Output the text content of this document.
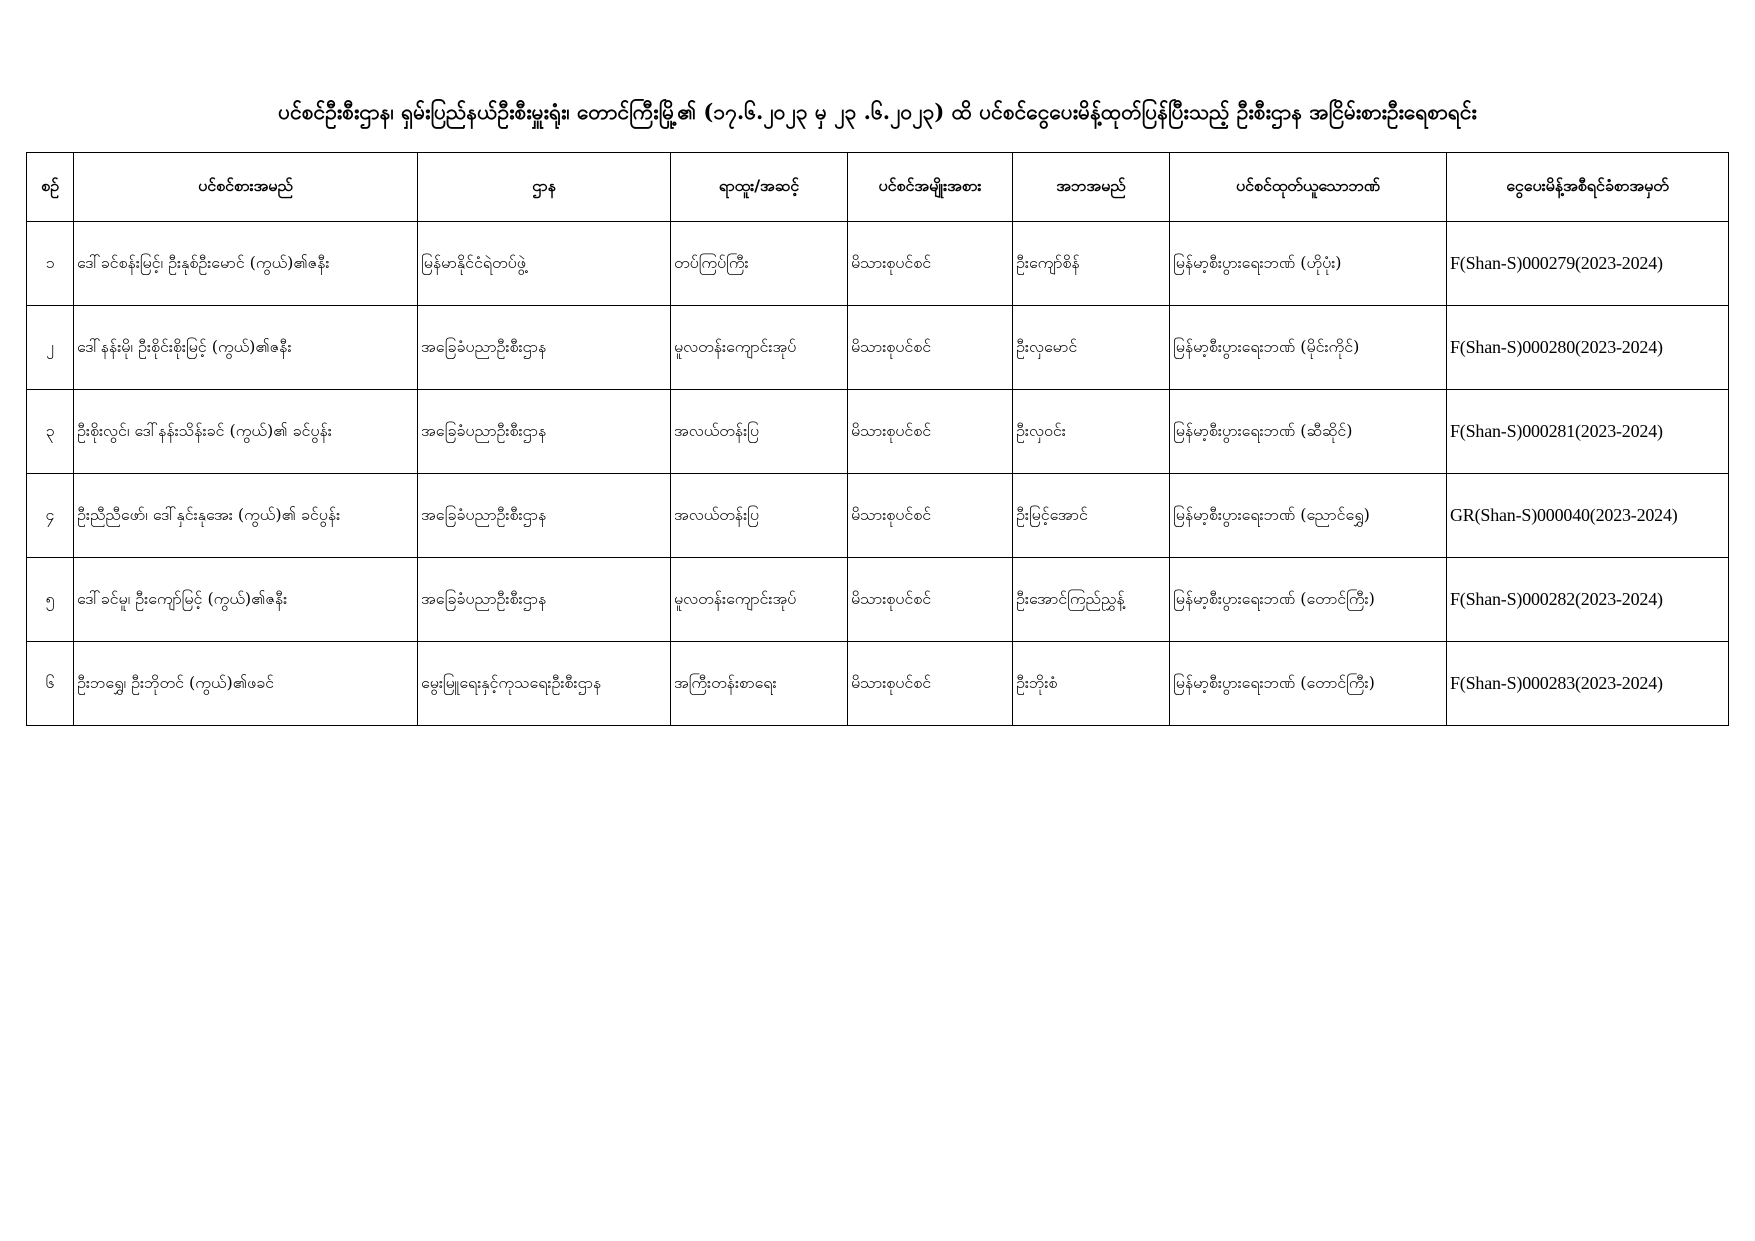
ပင်စင်ဦးစီးဌာန၊ ရှမ်းပြည်နယ်ဦးစီးမှူးရုံး၊ တောင်ကြီးမြို့၏ (၁၇.၆.၂၀၂၃ မှ ၂၃ .၆.၂၀၂၃) ထိ ပင်စင်ငွေပေးမိန့်ထုတ်ပြန်ပြီးသည့် ဦးစီးဌာန အငြိမ်းစားဦးရေစာရင်း
စဉ်	ပင်စင်စားအမည်	ဌာန	ရာထူး/အဆင့်	ပင်စင်အမျိုးအစား	အဘအမည်	ပင်စင်ထုတ်ယူသောဘဏ်	ငွေပေးမိန့်အစီရင်ခံစာအမှတ်
၁	ဒေါ်ခင်စန်းမြင့်၊ ဦးနုစ်ဦးမောင် (ကွယ်)၏ဇနီး	မြန်မာနိုင်ငံရဲတပ်ဖွဲ့	တပ်ကြပ်ကြီး	မိသားစုပင်စင်	ဦးကျော်စိန်	မြန်မာ့စီးပွားရေးဘဏ် (ဟိုပုံး)	F(Shan-S)000279(2023-2024)
၂	ဒေါ်နန်းမို၊ ဦးစိုင်းစိုးမြင့် (ကွယ်)၏ဇနီး	အခြေခံပညာဦးစီးဌာန	မူလတန်းကျောင်းအုပ်	မိသားစုပင်စင်	ဦးလှမောင်	မြန်မာ့စီးပွားရေးဘဏ် (မိုင်းကိုင်)	F(Shan-S)000280(2023-2024)
၃	ဦးစိုးလွင်၊ ဒေါ်နန်းသိန်းခင် (ကွယ်)၏ ခင်ပွန်း	အခြေခံပညာဦးစီးဌာန	အလယ်တန်းပြ	မိသားစုပင်စင်	ဦးလှဝင်း	မြန်မာ့စီးပွားရေးဘဏ် (ဆီဆိုင်)	F(Shan-S)000281(2023-2024)
၄	ဦးညီညီဖော်၊ ဒေါ်နှင်းနုအေး (ကွယ်)၏ ခင်ပွန်း	အခြေခံပညာဦးစီးဌာန	အလယ်တန်းပြ	မိသားစုပင်စင်	ဦးမြင့်အောင်	မြန်မာ့စီးပွားရေးဘဏ် (ညောင်ရွှေ)	GR(Shan-S)000040(2023-2024)
၅	ဒေါ်ခင်မူ၊ ဦးကျော်မြင့် (ကွယ်)၏ဇနီး	အခြေခံပညာဦးစီးဌာန	မူလတန်းကျောင်းအုပ်	မိသားစုပင်စင်	ဦးအောင်ကြည်ညွှန့်	မြန်မာ့စီးပွားရေးဘဏ် (တောင်ကြီး)	F(Shan-S)000282(2023-2024)
၆	ဦးဘရွှေ၊ ဦးဘိုတင် (ကွယ်)၏ဖခင်	မွေးမြူရေးနှင့်ကုသရေးဦးစီးဌာန	အကြီးတန်းစာရေး	မိသားစုပင်စင်	ဦးဘိုးစံ	မြန်မာ့စီးပွားရေးဘဏ် (တောင်ကြီး)	F(Shan-S)000283(2023-2024)
